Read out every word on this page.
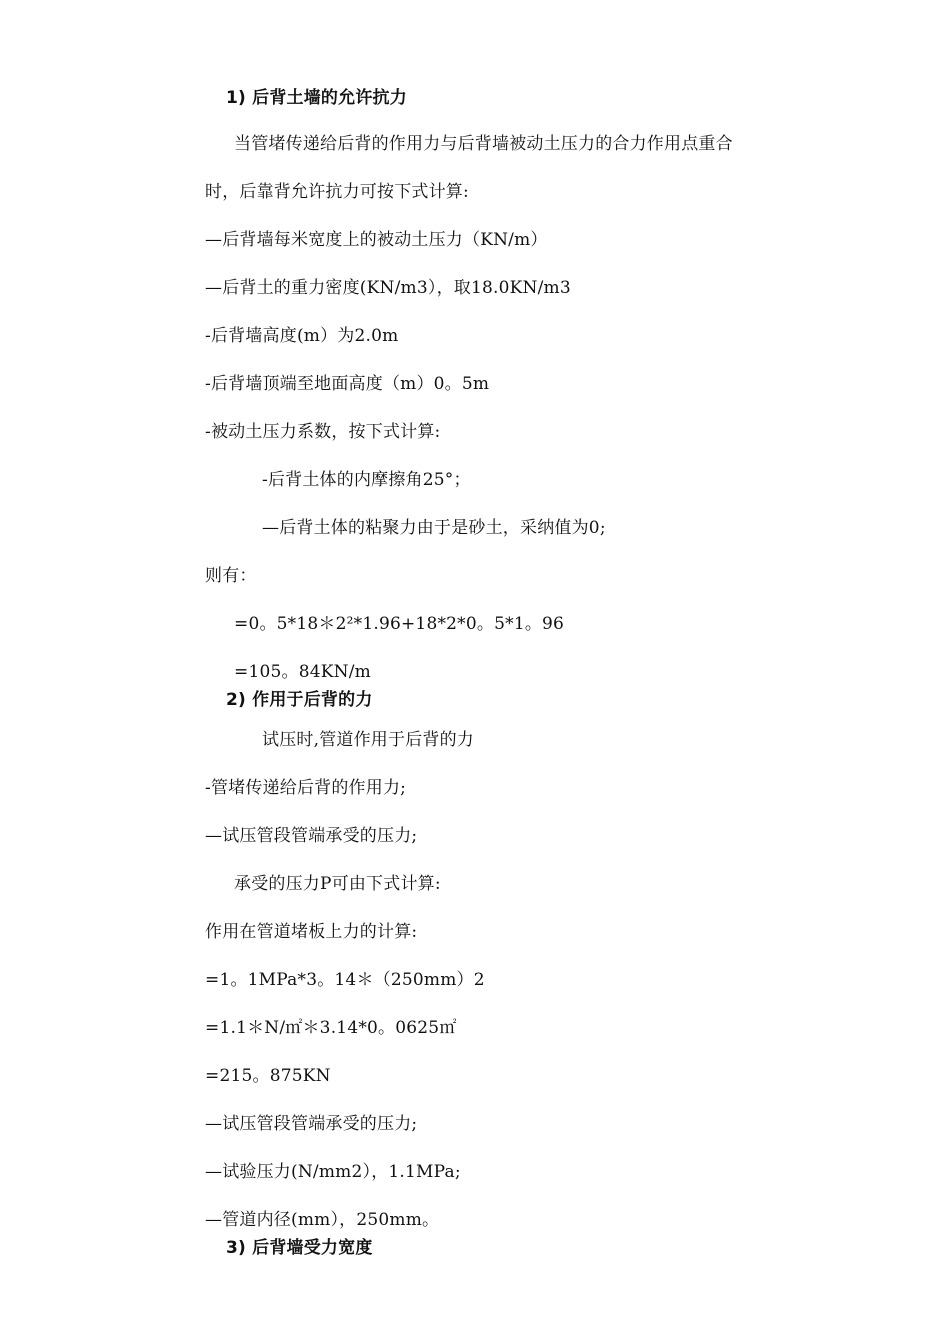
1) 后背土墙的允许抗力
当管堵传递给后背的作用力与后背墙被动土压力的合力作用点重合
时，后靠背允许抗力可按下式计算:
—后背墙每米宽度上的被动土压力（KN/m）
—后背土的重力密度(KN/m3），取18.0KN/m3
-后背墙高度(m）为2.0m
-后背墙顶端至地面高度（m）0。5m
-被动土压力系数，按下式计算:
-后背土体的内摩擦角25°；
—后背土体的粘聚力由于是砂土，采纳值为0;
则有：
=0。5*18＊2²*1.96+18*2*0。5*1。96
=105。84KN/m
2) 作用于后背的力
试压时,管道作用于后背的力
-管堵传递给后背的作用力;
—试压管段管端承受的压力;
承受的压力P可由下式计算:
作用在管道堵板上力的计算:
=1。1MPa*3。14＊（250mm）2
=1.1＊N/㎡＊3.14*0。0625㎡
=215。875KN
—试压管段管端承受的压力;
—试验压力(N/mm2），1.1MPa;
—管道内径(mm），250mm。
3) 后背墙受力宽度
